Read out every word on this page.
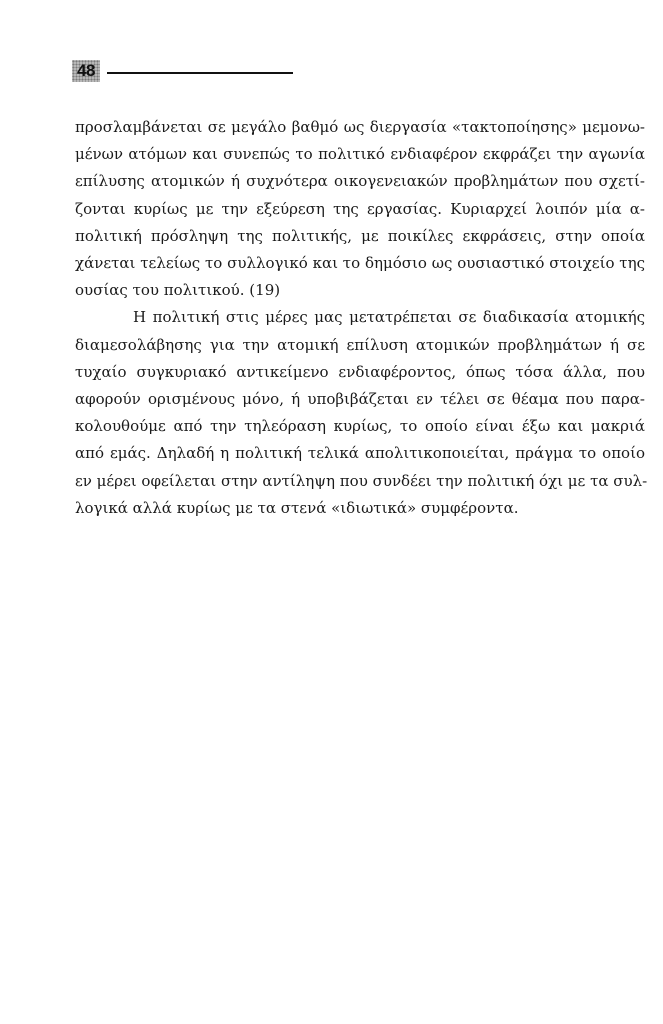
48
προσλαμβάνεται σε μεγάλο βαθμό ως διεργασία «τακτοποίησης» μεμονω-
μένων ατόμων και συνεπώς το πολιτικό ενδιαφέρον εκφράζει την αγωνία
επίλυσης ατομικών ή συχνότερα οικογενειακών προβλημάτων που σχετί-
ζονται κυρίως με την εξεύρεση της εργασίας. Κυριαρχεί λοιπόν μία α-
πολιτική πρόσληψη της πολιτικής, με ποικίλες εκφράσεις, στην οποία
χάνεται τελείως το συλλογικό και το δημόσιο ως ουσιαστικό στοιχείο της
ουσίας του πολιτικού. (19)
Η πολιτική στις μέρες μας μετατρέπεται σε διαδικασία ατομικής
διαμεσολάβησης για την ατομική επίλυση ατομικών προβλημάτων ή σε
τυχαίο συγκυριακό αντικείμενο ενδιαφέροντος, όπως τόσα άλλα, που
αφορούν ορισμένους μόνο, ή υποβιβάζεται εν τέλει σε θέαμα που παρα-
κολουθούμε από την τηλεόραση κυρίως, το οποίο είναι έξω και μακριά
από εμάς. Δηλαδή η πολιτική τελικά απολιτικοποιείται, πράγμα το οποίο
εν μέρει οφείλεται στην αντίληψη που συνδέει την πολιτική όχι με τα συλ-
λογικά αλλά κυρίως με τα στενά «ιδιωτικά» συμφέροντα.
